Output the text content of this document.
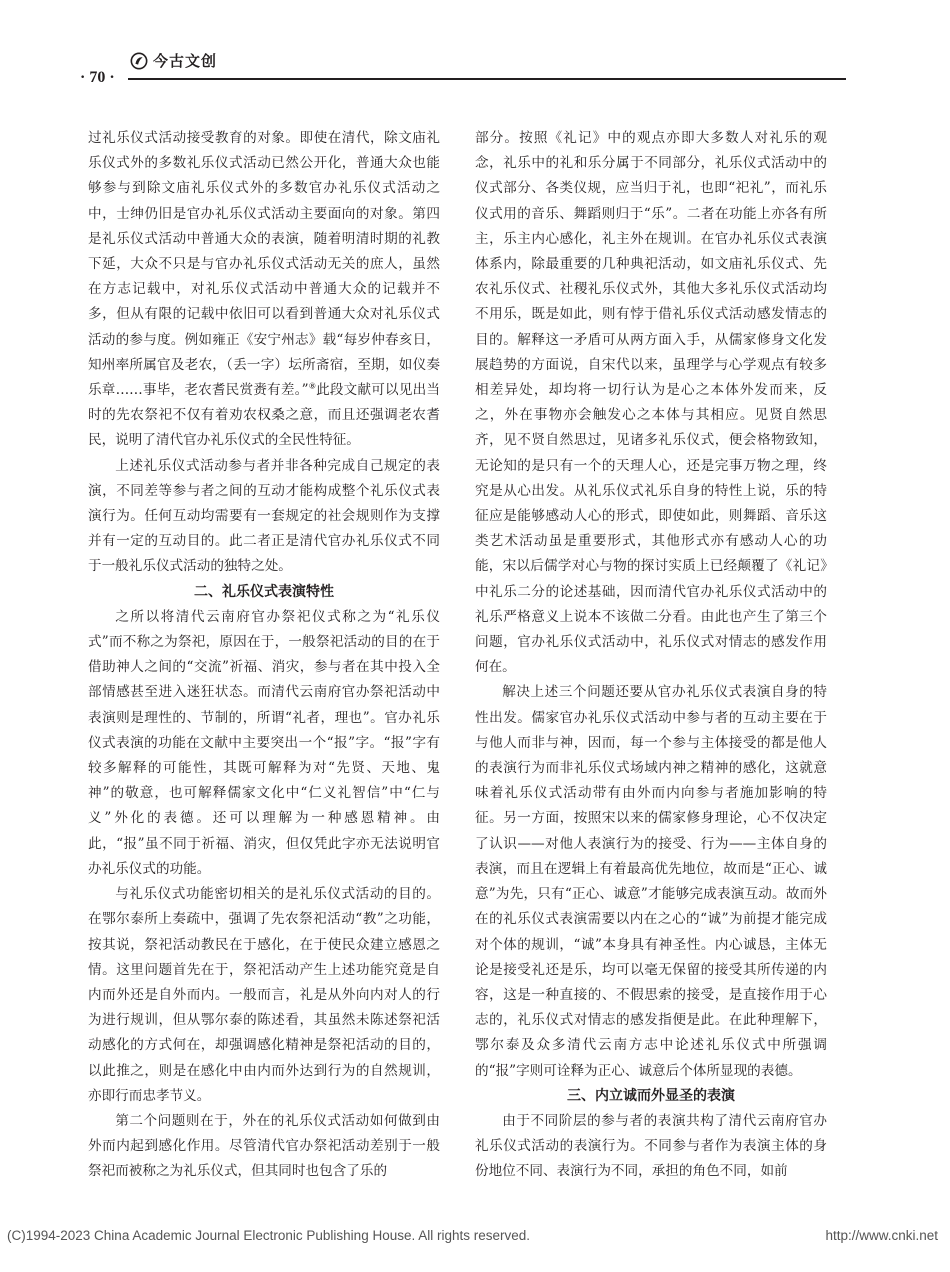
今古文创
· 70 ·

过礼乐仪式活动接受教育的对象。即使在清代，除文庙礼乐仪式外的多数礼乐仪式活动已然公开化，普通大众也能够参与到除文庙礼乐仪式外的多数官办礼乐仪式活动之中，士绅仍旧是官办礼乐仪式活动主要面向的对象。第四是礼乐仪式活动中普通大众的表演，随着明清时期的礼教下延，大众不只是与官办礼乐仪式活动无关的庶人，虽然在方志记载中，对礼乐仪式活动中普通大众的记载并不多，但从有限的记载中依旧可以看到普通大众对礼乐仪式活动的参与度。例如雍正《安宁州志》载“每岁仲春亥日，知州率所属官及老农，（丢一字）坛所斋宿，至期，如仪奏乐章……事毕，老农耆民赏赉有差。”⑧此段文献可以见出当时的先农祭祀不仅有着劝农权桑之意，而且还强调老农耆民，说明了清代官办礼乐仪式的全民性特征。

上述礼乐仪式活动参与者并非各种完成自己规定的表演，不同差等参与者之间的互动才能构成整个礼乐仪式表演行为。任何互动均需要有一套规定的社会规则作为支撑并有一定的互动目的。此二者正是清代官办礼乐仪式不同于一般礼乐仪式活动的独特之处。

二、礼乐仪式表演特性

之所以将清代云南府官办祭祀仪式称之为“礼乐仪式”而不称之为祭祀，原因在于，一般祭祀活动的目的在于借助神人之间的“交流”祈福、消灾，参与者在其中投入全部情感甚至进入迷狂状态。而清代云南府官办祭祀活动中表演则是理性的、节制的，所谓“礼者，理也”。官办礼乐仪式表演的功能在文献中主要突出一个“报”字。“报”字有较多解释的可能性，其既可解释为对“先贤、天地、鬼神”的敬意，也可解释儒家文化中“仁义礼智信”中“仁与义”外化的表德。还可以理解为一种感恩精神。由此，“报”虽不同于祈福、消灾，但仅凭此字亦无法说明官办礼乐仪式的功能。

与礼乐仪式功能密切相关的是礼乐仪式活动的目的。在鄂尔泰所上奏疏中，强调了先农祭祀活动“教”之功能，按其说，祭祀活动教民在于感化，在于使民众建立感恩之情。这里问题首先在于，祭祀活动产生上述功能究竟是自内而外还是自外而内。一般而言，礼是从外向内对人的行为进行规训，但从鄂尔泰的陈述看，其虽然未陈述祭祀活动感化的方式何在，却强调感化精神是祭祀活动的目的，以此推之，则是在感化中由内而外达到行为的自然规训，亦即行而忠孝节义。

第二个问题则在于，外在的礼乐仪式活动如何做到由外而内起到感化作用。尽管清代官办祭祀活动差别于一般祭祀而被称之为礼乐仪式，但其同时也包含了乐的

部分。按照《礼记》中的观点亦即大多数人对礼乐的观念，礼乐中的礼和乐分属于不同部分，礼乐仪式活动中的仪式部分、各类仪规，应当归于礼，也即“祀礼”，而礼乐仪式用的音乐、舞蹈则归于“乐”。二者在功能上亦各有所主，乐主内心感化，礼主外在规训。在官办礼乐仪式表演体系内，除最重要的几种典祀活动，如文庙礼乐仪式、先农礼乐仪式、社稷礼乐仪式外，其他大多礼乐仪式活动均不用乐，既是如此，则有悖于借礼乐仪式活动感发情志的目的。解释这一矛盾可从两方面入手，从儒家修身文化发展趋势的方面说，自宋代以来，虽理学与心学观点有较多相差异处，却均将一切行认为是心之本体外发而来，反之，外在事物亦会触发心之本体与其相应。见贤自然思齐，见不贤自然思过，见诸多礼乐仪式，便会格物致知，无论知的是只有一个的天理人心，还是完事万物之理，终究是从心出发。从礼乐仪式礼乐自身的特性上说，乐的特征应是能够感动人心的形式，即使如此，则舞蹈、音乐这类艺术活动虽是重要形式，其他形式亦有感动人心的功能，宋以后儒学对心与物的探讨实质上已经颠覆了《礼记》中礼乐二分的论述基础，因而清代官办礼乐仪式活动中的礼乐严格意义上说本不该做二分看。由此也产生了第三个问题，官办礼乐仪式活动中，礼乐仪式对情志的感发作用何在。

解决上述三个问题还要从官办礼乐仪式表演自身的特性出发。儒家官办礼乐仪式活动中参与者的互动主要在于与他人而非与神，因而，每一个参与主体接受的都是他人的表演行为而非礼乐仪式场域内神之精神的感化，这就意味着礼乐仪式活动带有由外而内向参与者施加影响的特征。另一方面，按照宋以来的儒家修身理论，心不仅决定了认识——对他人表演行为的接受、行为——主体自身的表演，而且在逻辑上有着最高优先地位，故而是“正心、诚意”为先，只有“正心、诚意”才能够完成表演互动。故而外在的礼乐仪式表演需要以内在之心的“诚”为前提才能完成对个体的规训，“诚”本身具有神圣性。内心诚恳，主体无论是接受礼还是乐，均可以毫无保留的接受其所传递的内容，这是一种直接的、不假思索的接受，是直接作用于心志的，礼乐仪式对情志的感发指便是此。在此种理解下，鄂尔泰及众多清代云南方志中论述礼乐仪式中所强调的“报”字则可诠释为正心、诚意后个体所显现的表德。

三、内立诚而外显圣的表演

由于不同阶层的参与者的表演共构了清代云南府官办礼乐仪式活动的表演行为。不同参与者作为表演主体的身份地位不同、表演行为不同，承担的角色不同，如前

(C)1994-2023 China Academic Journal Electronic Publishing House. All rights reserved.	http://www.cnki.net
